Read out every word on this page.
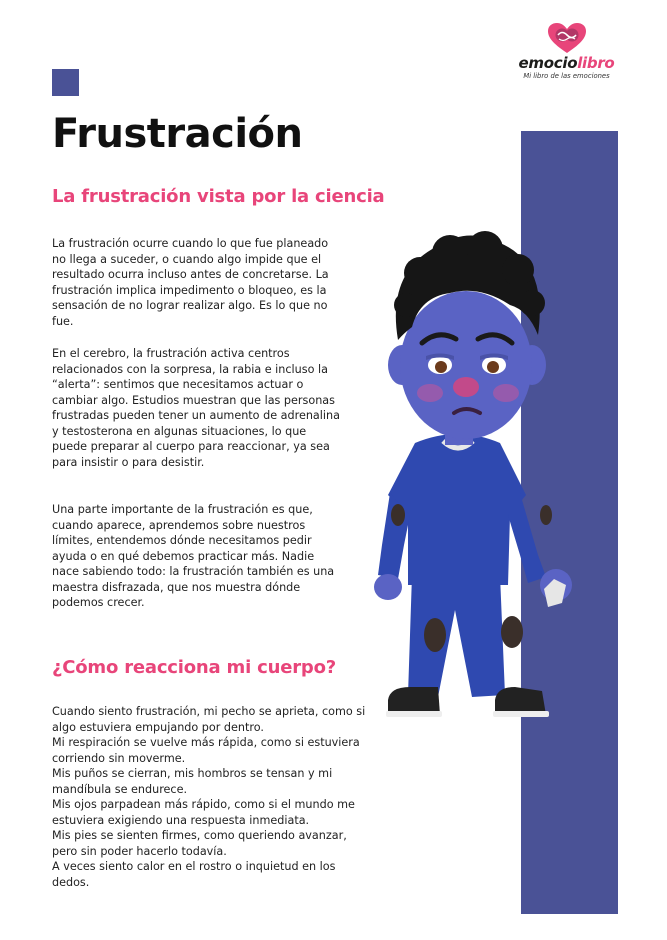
emociolibro
Mi libro de las emociones
Frustración
La frustración vista por la ciencia

La frustración ocurre cuando lo que fue planeado no llega a suceder, o cuando algo impide que el resultado ocurra incluso antes de concretarse. La frustración implica impedimento o bloqueo, es la sensación de no lograr realizar algo. Es lo que no fue.

En el cerebro, la frustración activa centros relacionados con la sorpresa, la rabia e incluso la “alerta”: sentimos que necesitamos actuar o cambiar algo. Estudios muestran que las personas frustradas pueden tener un aumento de adrenalina y testosterona en algunas situaciones, lo que puede preparar al cuerpo para reaccionar, ya sea para insistir o para desistir.

Una parte importante de la frustración es que, cuando aparece, aprendemos sobre nuestros límites, entendemos dónde necesitamos pedir ayuda o en qué debemos practicar más. Nadie nace sabiendo todo: la frustración también es una maestra disfrazada, que nos muestra dónde podemos crecer.

¿Cómo reacciona mi cuerpo?

Cuando siento frustración, mi pecho se aprieta, como si algo estuviera empujando por dentro.

Mi respiración se vuelve más rápida, como si estuviera corriendo sin moverme.

Mis puños se cierran, mis hombros se tensan y mi mandíbula se endurece.

Mis ojos parpadean más rápido, como si el mundo me estuviera exigiendo una respuesta inmediata.

Mis pies se sienten firmes, como queriendo avanzar, pero sin poder hacerlo todavía.

A veces siento calor en el rostro o inquietud en los dedos.
